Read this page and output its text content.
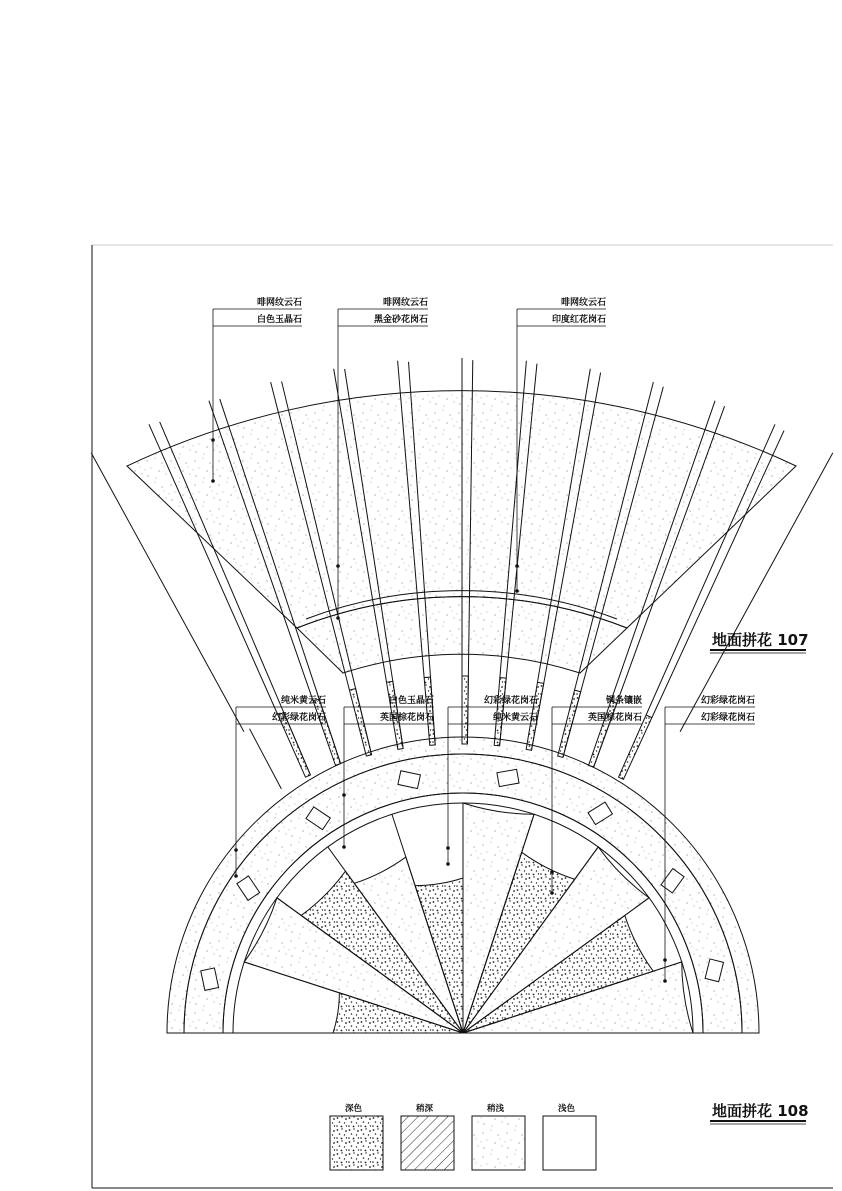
啡网纹云石
白色玉晶石
啡网纹云石
黑金砂花岗石
啡网纹云石
印度红花岗石
地面拼花 107
纯米黄云石
幻彩绿花岗石
白色玉晶石
英国棕花岗石
幻彩绿花岗石
纯米黄云石
钢条镶嵌
英国棕花岗石
幻彩绿花岗石
幻彩绿花岗石
地面拼花 108
深色	稍深	稍浅	浅色
